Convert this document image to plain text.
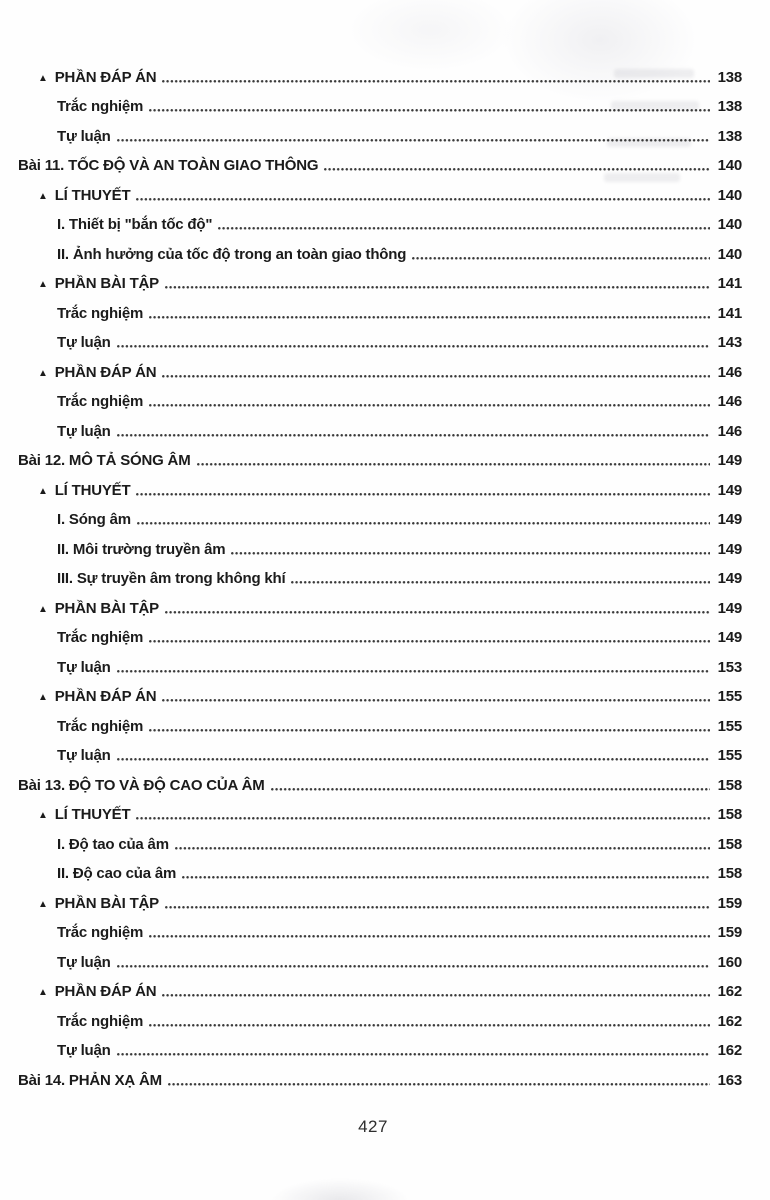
▲ PHẦN ĐÁP ÁN	138
Trắc nghiệm	138
Tự luận	138
Bài 11. TỐC ĐỘ VÀ AN TOÀN GIAO THÔNG	140
▲ LÍ THUYẾT	140
I. Thiết bị "bắn tốc độ"	140
II. Ảnh hưởng của tốc độ trong an toàn giao thông	140
▲ PHẦN BÀI TẬP	141
Trắc nghiệm	141
Tự luận	143
▲ PHẦN ĐÁP ÁN	146
Trắc nghiệm	146
Tự luận	146
Bài 12. MÔ TẢ SÓNG ÂM	149
▲ LÍ THUYẾT	149
I. Sóng âm	149
II. Môi trường truyền âm	149
III. Sự truyền âm trong không khí	149
▲ PHẦN BÀI TẬP	149
Trắc nghiệm	149
Tự luận	153
▲ PHẦN ĐÁP ÁN	155
Trắc nghiệm	155
Tự luận	155
Bài 13. ĐỘ TO VÀ ĐỘ CAO CỦA ÂM	158
▲ LÍ THUYẾT	158
I. Độ tao của âm	158
II. Độ cao của âm	158
▲ PHẦN BÀI TẬP	159
Trắc nghiệm	159
Tự luận	160
▲ PHẦN ĐÁP ÁN	162
Trắc nghiệm	162
Tự luận	162
Bài 14. PHẢN XẠ ÂM	163
427
